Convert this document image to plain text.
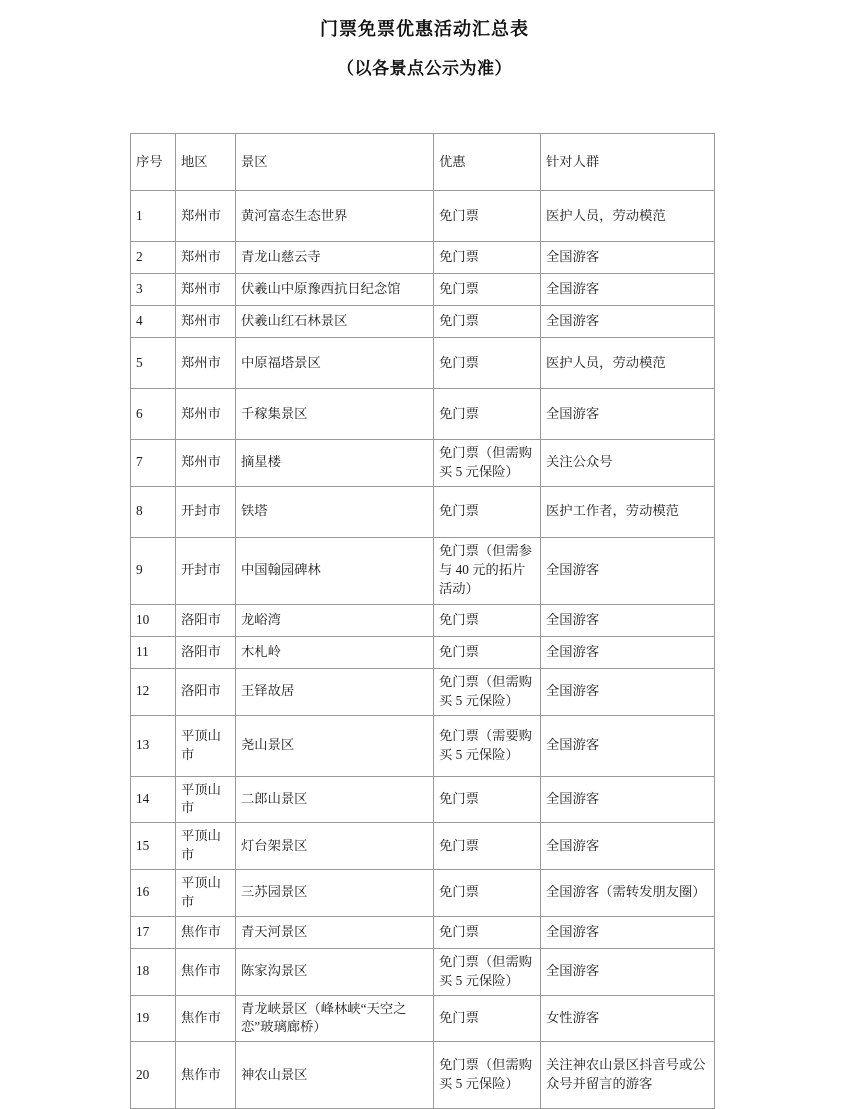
门票免票优惠活动汇总表
（以各景点公示为准）
序号	地区	景区	优惠	针对人群
1	郑州市	黄河富态生态世界	免门票	医护人员，劳动模范
2	郑州市	青龙山慈云寺	免门票	全国游客
3	郑州市	伏羲山中原豫西抗日纪念馆	免门票	全国游客
4	郑州市	伏羲山红石林景区	免门票	全国游客
5	郑州市	中原福塔景区	免门票	医护人员，劳动模范
6	郑州市	千稼集景区	免门票	全国游客
7	郑州市	摘星楼	免门票（但需购买 5 元保险）	关注公众号
8	开封市	铁塔	免门票	医护工作者，劳动模范
9	开封市	中国翰园碑林	免门票（但需参与 40 元的拓片活动）	全国游客
10	洛阳市	龙峪湾	免门票	全国游客
11	洛阳市	木札岭	免门票	全国游客
12	洛阳市	王铎故居	免门票（但需购买 5 元保险）	全国游客
13	平顶山市	尧山景区	免门票（需要购买 5 元保险）	全国游客
14	平顶山市	二郎山景区	免门票	全国游客
15	平顶山市	灯台架景区	免门票	全国游客
16	平顶山市	三苏园景区	免门票	全国游客（需转发朋友圈）
17	焦作市	青天河景区	免门票	全国游客
18	焦作市	陈家沟景区	免门票（但需购买 5 元保险）	全国游客
19	焦作市	青龙峡景区（峰林峡“天空之恋”玻璃廊桥）	免门票	女性游客
20	焦作市	神农山景区	免门票（但需购买 5 元保险）	关注神农山景区抖音号或公众号并留言的游客
